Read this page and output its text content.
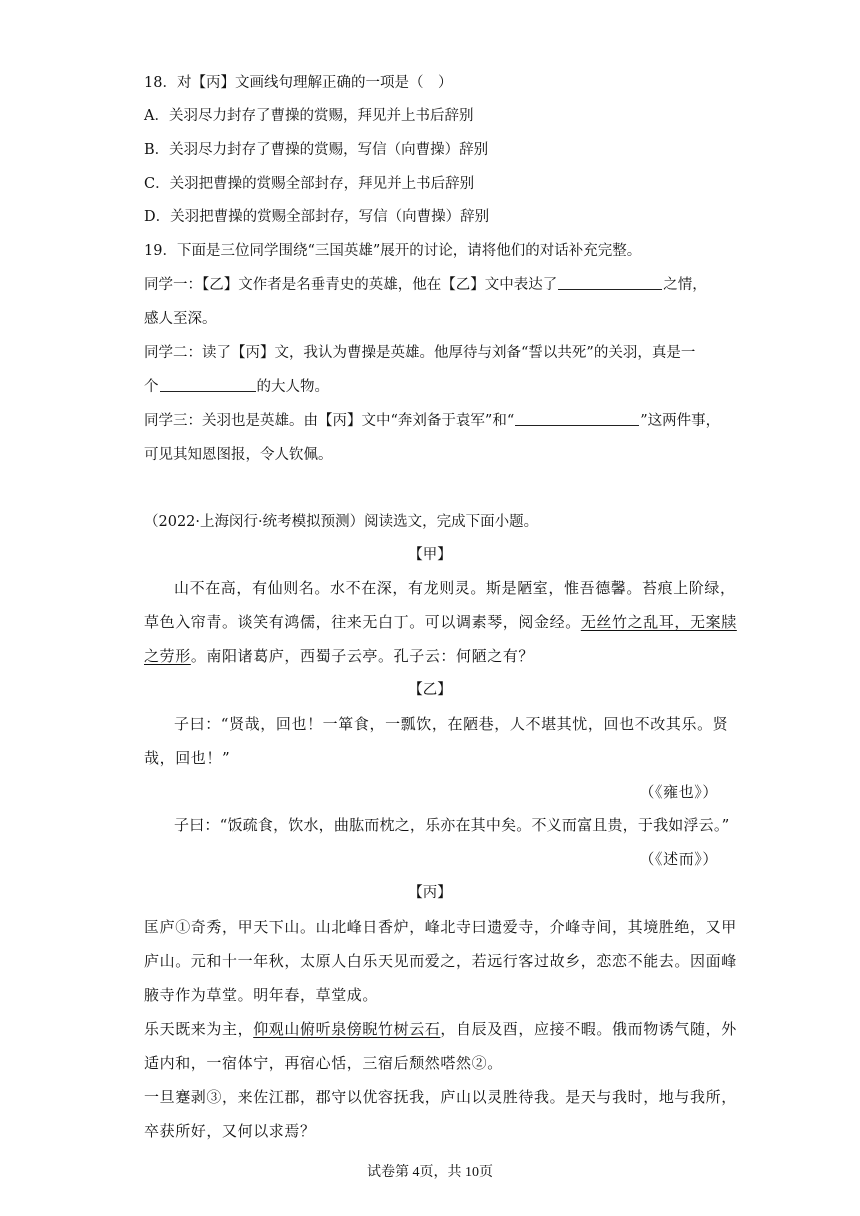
18．对【丙】文画线句理解正确的一项是（　）
A．关羽尽力封存了曹操的赏赐，拜见并上书后辞别
B．关羽尽力封存了曹操的赏赐，写信（向曹操）辞别
C．关羽把曹操的赏赐全部封存，拜见并上书后辞别
D．关羽把曹操的赏赐全部封存，写信（向曹操）辞别
19．下面是三位同学围绕“三国英雄”展开的讨论，请将他们的对话补充完整。
同学一：【乙】文作者是名垂青史的英雄，他在【乙】文中表达了	之情，
感人至深。
同学二：读了【丙】文，我认为曹操是英雄。他厚待与刘备“誓以共死”的关羽，真是一
个	的大人物。
同学三：关羽也是英雄。由【丙】文中“奔刘备于袁军”和“	”这两件事，
可见其知恩图报，令人钦佩。
（2022·上海闵行·统考模拟预测）阅读选文，完成下面小题。
【甲】
山不在高，有仙则名。水不在深，有龙则灵。斯是陋室，惟吾德馨。苔痕上阶绿，
草色入帘青。谈笑有鸿儒，往来无白丁。可以调素琴，阅金经。无丝竹之乱耳，无案牍
之劳形。南阳诸葛庐，西蜀子云亭。孔子云：何陋之有？
【乙】
子曰：“贤哉，回也！一箪食，一瓢饮，在陋巷，人不堪其忧，回也不改其乐。贤
哉，回也！”
（《雍也》）
子曰：“饭疏食，饮水，曲肱而枕之，乐亦在其中矣。不义而富且贵，于我如浮云。”
（《述而》）
【丙】
匡庐①奇秀，甲天下山。山北峰日香炉，峰北寺曰遗爱寺，介峰寺间，其境胜绝，又甲
庐山。元和十一年秋，太原人白乐天见而爱之，若远行客过故乡，恋恋不能去。因面峰
腋寺作为草堂。明年春，草堂成。
乐天既来为主，仰观山俯听泉傍睨竹树云石，自辰及酉，应接不暇。俄而物诱气随，外
适内和，一宿体宁，再宿心恬，三宿后颓然嗒然②。
一旦蹇剥③，来佐江郡，郡守以优容抚我，庐山以灵胜待我。是天与我时，地与我所，
卒获所好，又何以求焉？
试卷第 4页，共 10页
